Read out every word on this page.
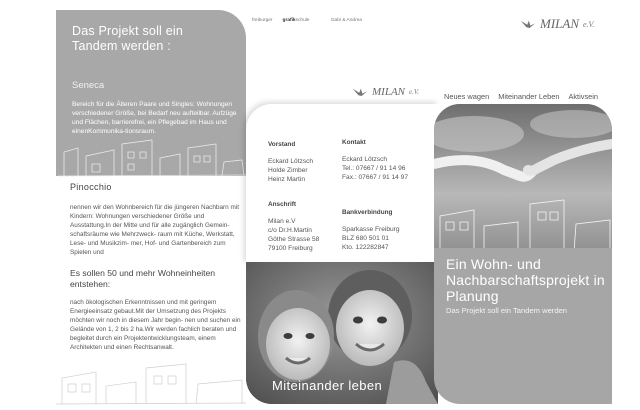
Das Projekt soll ein
Tandem werden :
Seneca
Bereich für die Älteren Paare und Singles: Wohnungen verschiedener Größe, bei Bedarf neu aufteilbar. Aufzüge und Flächen, barrierefrei, ein Pflegebad im Haus und einenKommunika-tionsraum.
freiburger grafikschule	Gabi & Andrea	MILAN e.V.
MILAN e.V.	Neues wagen Miteinander Leben Aktivsein
Pinocchio
nennen wir den Wohnbereich für die jüngeren Nachbarn mit Kindern: Wohnungen verschiedener Größe und Ausstattung.In der Mitte und für alle zugänglich Gemein- schaftsräume wie Mehrzweck- raum mit Küche, Werkstatt, Lese- und Musikzim- mer, Hof- und Gartenbereich zum Spielen und
Es sollen 50 und mehr Wohneinheiten entstehen:
nach ökologischen Erkenntnissen und mit geringem Energieeinsatz gebaut.Mit der Umsetzung des Projekts möchten wir noch in diesem Jahr begin- nen und suchen ein Gelände von 1, 2 bis 2 ha.Wir werden fachlich beraten und begleitet durch ein Projektentwicklungsteam, einem Architekten und einen Rechtsanwalt.
Vorstand
Eckard Lötzsch
Holde Zimber
Heinz Martin
Kontakt
Eckard Lötzsch
Tel.: 07667 / 91 14 96
Fax.: 07667 / 91 14 97
Anschrift
Milan e.V
c/o Dr.H.Martin
Göthe Strasse 58
79100 Freiburg
Bankverbindung
Sparkasse Freiburg
BLZ 680 501 01
Kto. 122282847
Miteinander leben
Ein Wohn- und Nachbarschaftsprojekt in Planung
Das Projekt soll ein Tandem werden
